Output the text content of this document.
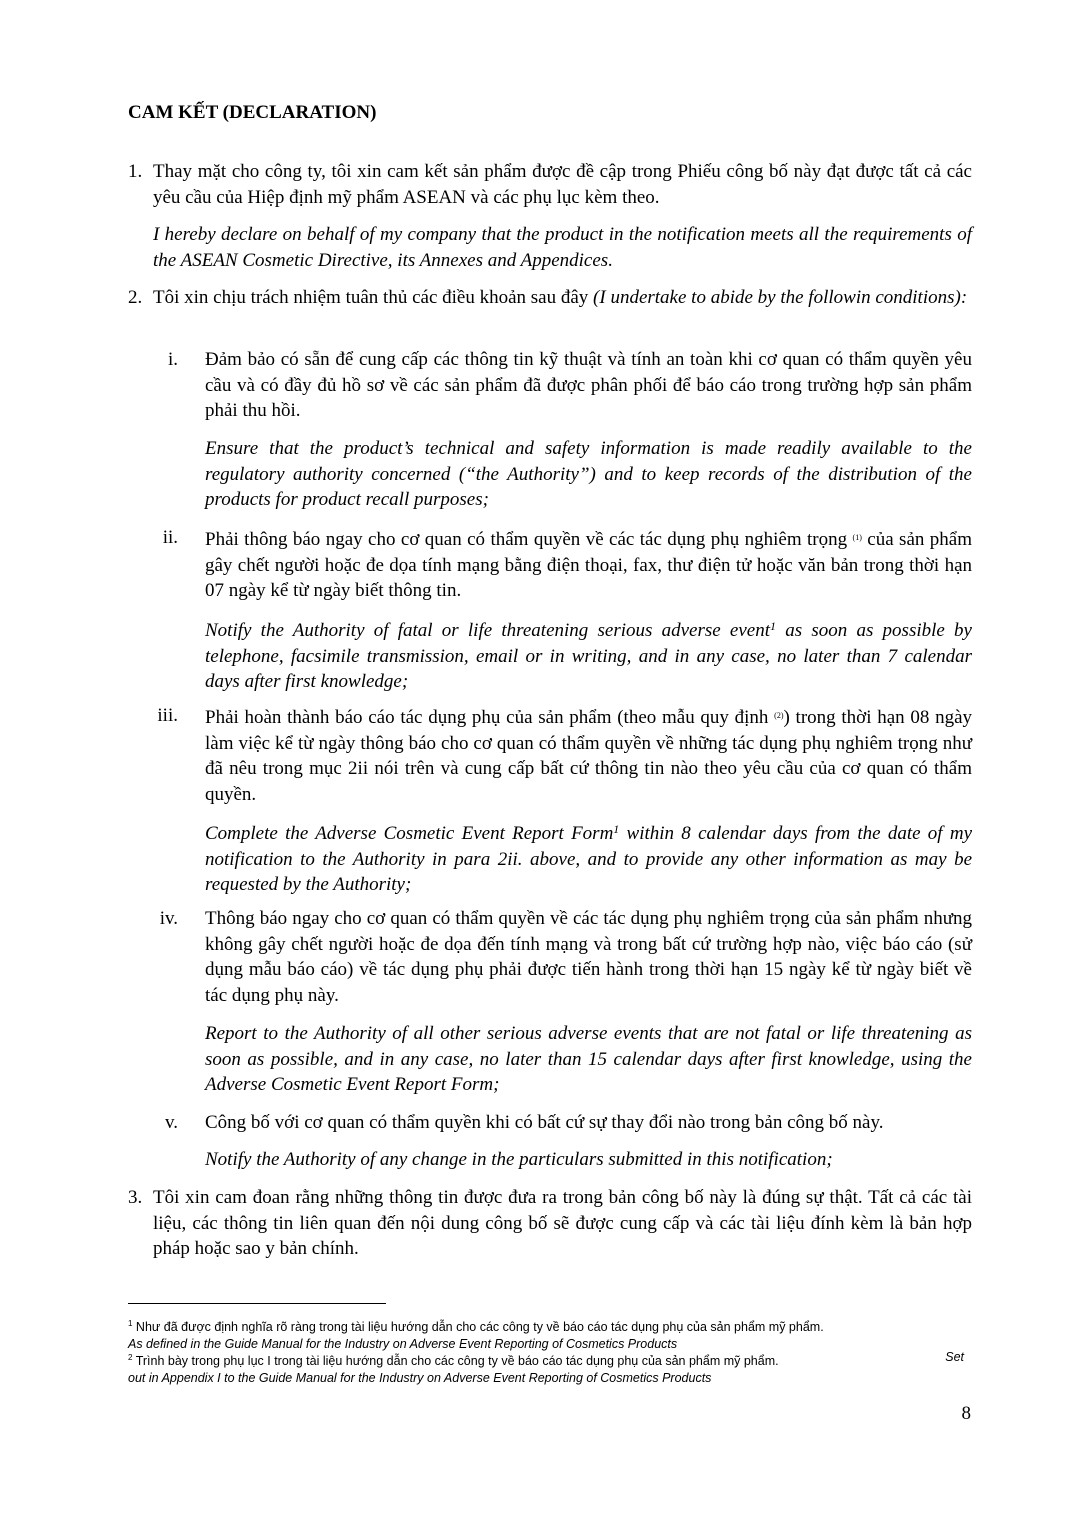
CAM KẾT (DECLARATION)
1. Thay mặt cho công ty, tôi xin cam kết sản phẩm được đề cập trong Phiếu công bố này đạt được tất cả các yêu cầu của Hiệp định mỹ phẩm ASEAN và các phụ lục kèm theo.
I hereby declare on behalf of my company that the product in the notification meets all the requirements of the ASEAN Cosmetic Directive, its Annexes and Appendices.
2. Tôi xin chịu trách nhiệm tuân thủ các điều khoản sau đây (I undertake to abide by the followin conditions):
i. Đảm bảo có sẵn để cung cấp các thông tin kỹ thuật và tính an toàn khi cơ quan có thẩm quyền yêu cầu và có đầy đủ hồ sơ về các sản phẩm đã được phân phối để báo cáo trong trường hợp sản phẩm phải thu hồi.
Ensure that the product’s technical and safety information is made readily available to the regulatory authority concerned (“the Authority”) and to keep records of the distribution of the products for product recall purposes;
ii. Phải thông báo ngay cho cơ quan có thẩm quyền về các tác dụng phụ nghiêm trọng $^{(1)}$ của sản phẩm gây chết người hoặc đe dọa tính mạng bằng điện thoại, fax, thư điện tử hoặc văn bản trong thời hạn 07 ngày kể từ ngày biết thông tin.
Notify the Authority of fatal or life threatening serious adverse event$^1$ as soon as possible by telephone, facsimile transmission, email or in writing, and in any case, no later than 7 calendar days after first knowledge;
iii. Phải hoàn thành báo cáo tác dụng phụ của sản phẩm (theo mẫu quy định $^{(2)}$) trong thời hạn 08 ngày làm việc kể từ ngày thông báo cho cơ quan có thẩm quyền về những tác dụng phụ nghiêm trọng như đã nêu trong mục 2ii nói trên và cung cấp bất cứ thông tin nào theo yêu cầu của cơ quan có thẩm quyền.
Complete the Adverse Cosmetic Event Report Form$^1$ within 8 calendar days from the date of my notification to the Authority in para 2ii. above, and to provide any other information as may be requested by the Authority;
iv. Thông báo ngay cho cơ quan có thẩm quyền về các tác dụng phụ nghiêm trọng của sản phẩm nhưng không gây chết người hoặc đe dọa đến tính mạng và trong bất cứ trường hợp nào, việc báo cáo (sử dụng mẫu báo cáo) về tác dụng phụ phải được tiến hành trong thời hạn 15 ngày kể từ ngày biết về tác dụng phụ này.
Report to the Authority of all other serious adverse events that are not fatal or life threatening as soon as possible, and in any case, no later than 15 calendar days after first knowledge, using the Adverse Cosmetic Event Report Form;
v. Công bố với cơ quan có thẩm quyền khi có bất cứ sự thay đổi nào trong bản công bố này.
Notify the Authority of any change in the particulars submitted in this notification;
3. Tôi xin cam đoan rằng những thông tin được đưa ra trong bản công bố này là đúng sự thật. Tất cả các tài liệu, các thông tin liên quan đến nội dung công bố sẽ được cung cấp và các tài liệu đính kèm là bản hợp pháp hoặc sao y bản chính.
$^1$ Như đã được định nghĩa rõ ràng trong tài liệu hướng dẫn cho các công ty về báo cáo tác dụng phụ của sản phẩm mỹ phẩm.
As defined in the Guide Manual for the Industry on Adverse Event Reporting of Cosmetics Products
$^2$ Trình bày trong phụ lục I trong tài liệu hướng dẫn cho các công ty về báo cáo tác dụng phụ của sản phẩm mỹ phẩm.	Set
out in Appendix I to the Guide Manual for the Industry on Adverse Event Reporting of Cosmetics Products
8
